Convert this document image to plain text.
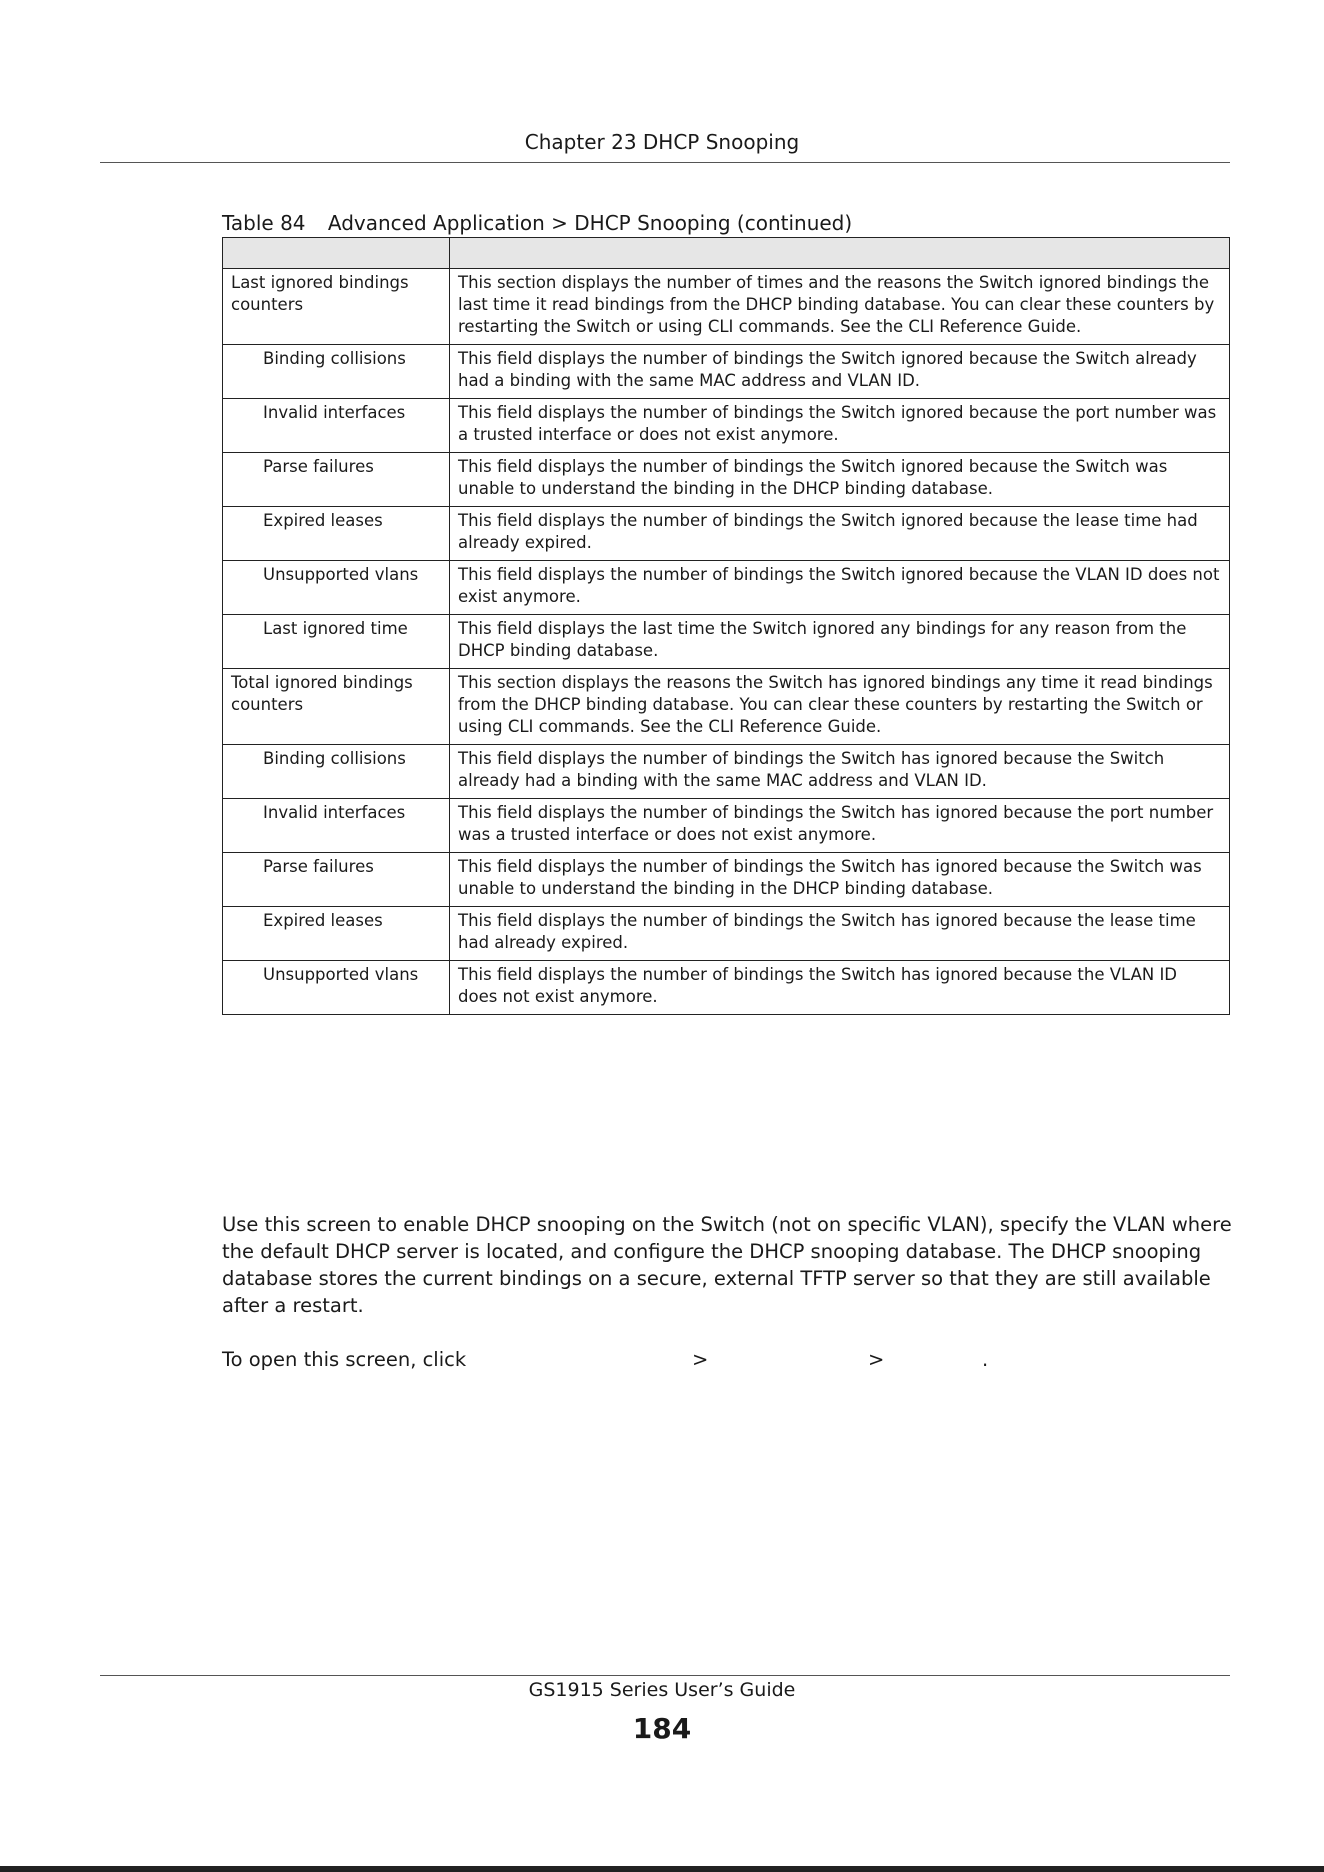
Chapter 23 DHCP Snooping
Table 84 Advanced Application > DHCP Snooping (continued)

Last ignored bindings counters	This section displays the number of times and the reasons the Switch ignored bindings the last time it read bindings from the DHCP binding database. You can clear these counters by restarting the Switch or using CLI commands. See the CLI Reference Guide.
Binding collisions	This field displays the number of bindings the Switch ignored because the Switch already had a binding with the same MAC address and VLAN ID.
Invalid interfaces	This field displays the number of bindings the Switch ignored because the port number was a trusted interface or does not exist anymore.
Parse failures	This field displays the number of bindings the Switch ignored because the Switch was unable to understand the binding in the DHCP binding database.
Expired leases	This field displays the number of bindings the Switch ignored because the lease time had already expired.
Unsupported vlans	This field displays the number of bindings the Switch ignored because the VLAN ID does not exist anymore.
Last ignored time	This field displays the last time the Switch ignored any bindings for any reason from the DHCP binding database.
Total ignored bindings counters	This section displays the reasons the Switch has ignored bindings any time it read bindings from the DHCP binding database. You can clear these counters by restarting the Switch or using CLI commands. See the CLI Reference Guide.
Binding collisions	This field displays the number of bindings the Switch has ignored because the Switch already had a binding with the same MAC address and VLAN ID.
Invalid interfaces	This field displays the number of bindings the Switch has ignored because the port number was a trusted interface or does not exist anymore.
Parse failures	This field displays the number of bindings the Switch has ignored because the Switch was unable to understand the binding in the DHCP binding database.
Expired leases	This field displays the number of bindings the Switch has ignored because the lease time had already expired.
Unsupported vlans	This field displays the number of bindings the Switch has ignored because the VLAN ID does not exist anymore.
Use this screen to enable DHCP snooping on the Switch (not on specific VLAN), specify the VLAN where the default DHCP server is located, and configure the DHCP snooping database. The DHCP snooping database stores the current bindings on a secure, external TFTP server so that they are still available after a restart.
To open this screen, click	>	>	.
GS1915 Series User’s Guide
184
